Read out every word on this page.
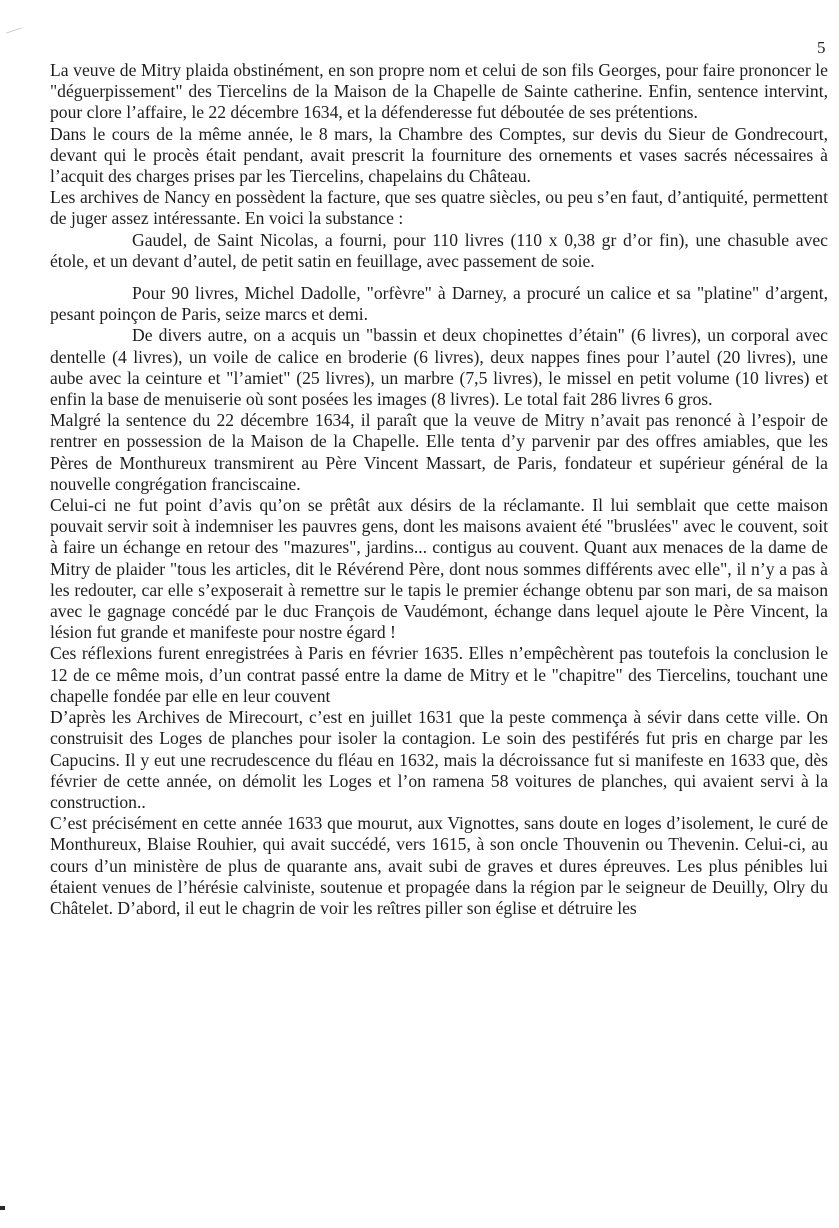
5

La veuve de Mitry plaida obstinément, en son propre nom et celui de son fils Georges, pour faire prononcer le "déguerpissement" des Tiercelins de la Maison de la Chapelle de Sainte catherine. Enfin, sentence intervint, pour clore l’affaire, le 22 décembre 1634, et la défenderesse fut déboutée de ses prétentions.

Dans le cours de la même année, le 8 mars, la Chambre des Comptes, sur devis du Sieur de Gondrecourt, devant qui le procès était pendant, avait prescrit la fourniture des ornements et vases sacrés nécessaires à l’acquit des charges prises par les Tiercelins, chapelains du Château.

Les archives de Nancy en possèdent la facture, que ses quatre siècles, ou peu s’en faut, d’antiquité, permettent de juger assez intéressante. En voici la substance :

Gaudel, de Saint Nicolas, a fourni, pour 110 livres (110 x 0,38 gr d’or fin), une chasuble avec étole, et un devant d’autel, de petit satin en feuillage, avec passement de soie.

Pour 90 livres, Michel Dadolle, "orfèvre" à Darney, a procuré un calice et sa "platine" d’argent, pesant poinçon de Paris, seize marcs et demi.

De divers autre, on a acquis un "bassin et deux chopinettes d’étain" (6 livres), un corporal avec dentelle (4 livres), un voile de calice en broderie (6 livres), deux nappes fines pour l’autel (20 livres), une aube avec la ceinture et "l’amiet" (25 livres), un marbre (7,5 livres), le missel en petit volume (10 livres) et enfin la base de menuiserie où sont posées les images (8 livres). Le total fait 286 livres 6 gros.

Malgré la sentence du 22 décembre 1634, il paraît que la veuve de Mitry n’avait pas renoncé à l’espoir de rentrer en possession de la Maison de la Chapelle. Elle tenta d’y parvenir par des offres amiables, que les Pères de Monthureux transmirent au Père Vincent Massart, de Paris, fondateur et supérieur général de la nouvelle congrégation franciscaine.

Celui-ci ne fut point d’avis qu’on se prêtât aux désirs de la réclamante. Il lui semblait que cette maison pouvait servir soit à indemniser les pauvres gens, dont les maisons avaient été "bruslées" avec le couvent, soit à faire un échange en retour des "mazures", jardins... contigus au couvent. Quant aux menaces de la dame de Mitry de plaider "tous les articles, dit le Révérend Père, dont nous sommes différents avec elle", il n’y a pas à les redouter, car elle s’exposerait à remettre sur le tapis le premier échange obtenu par son mari, de sa maison avec le gagnage concédé par le duc François de Vaudémont, échange dans lequel ajoute le Père Vincent, la lésion fut grande et manifeste pour nostre égard !

Ces réflexions furent enregistrées à Paris en février 1635. Elles n’empêchèrent pas toutefois la conclusion le 12 de ce même mois, d’un contrat passé entre la dame de Mitry et le "chapitre" des Tiercelins, touchant une chapelle fondée par elle en leur couvent

D’après les Archives de Mirecourt, c’est en juillet 1631 que la peste commença à sévir dans cette ville. On construisit des Loges de planches pour isoler la contagion. Le soin des pestiférés fut pris en charge par les Capucins. Il y eut une recrudescence du fléau en 1632, mais la décroissance fut si manifeste en 1633 que, dès février de cette année, on démolit les Loges et l’on ramena 58 voitures de planches, qui avaient servi à la construction..

C’est précisément en cette année 1633 que mourut, aux Vignottes, sans doute en loges d’isolement, le curé de Monthureux, Blaise Rouhier, qui avait succédé, vers 1615, à son oncle Thouvenin ou Thevenin. Celui-ci, au cours d’un ministère de plus de quarante ans, avait subi de graves et dures épreuves. Les plus pénibles lui étaient venues de l’hérésie calviniste, soutenue et propagée dans la région par le seigneur de Deuilly, Olry du Châtelet. D’abord, il eut le chagrin de voir les reîtres piller son église et détruire les
